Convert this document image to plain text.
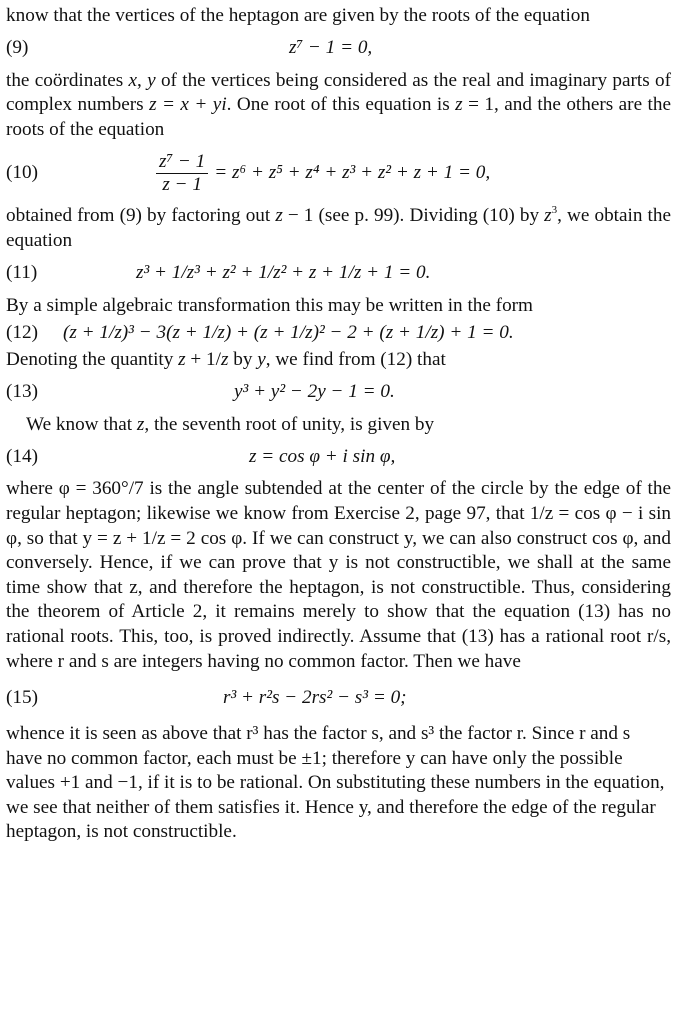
know that the vertices of the heptagon are given by the roots of the equation

(9)	z⁷ − 1 = 0,

the coördinates x, y of the vertices being considered as the real and imaginary parts of complex numbers z = x + yi. One root of this equation is z = 1, and the others are the roots of the equation

(10)	$\frac{\text{z⁷ − 1}}{z - 1} = z^6 + z^5 + z^4 + z^3 + z^2 + z + 1 = 0$,

obtained from (9) by factoring out z − 1 (see p. 99). Dividing (10) by $z^3$, we obtain the equation

(11)	z³ + 1/z³ + z² + 1/z² + z + 1/z + 1 = 0.

By a simple algebraic transformation this may be written in the form

(12) (z + 1/z)³ − 3(z + 1/z) + (z + 1/z)² − 2 + (z + 1/z) + 1 = 0.

Denoting the quantity z + 1/z by y, we find from (12) that

(13)	y³ + y² − 2y − 1 = 0.

We know that z, the seventh root of unity, is given by

(14)	z = cos φ + i sin φ,

where φ = 360°/7 is the angle subtended at the center of the circle by the edge of the regular heptagon; likewise we know from Exercise 2, page 97, that 1/z = cos φ − i sin φ, so that y = z + 1/z = 2 cos φ. If we can construct y, we can also construct cos φ, and conversely. Hence, if we can prove that y is not constructible, we shall at the same time show that z, and therefore the heptagon, is not constructible. Thus, considering the theorem of Article 2, it remains merely to show that the equation (13) has no rational roots. This, too, is proved indirectly. Assume that (13) has a rational root r/s, where r and s are integers having no common factor. Then we have

(15)	r³ + r²s − 2rs² − s³ = 0;

whence it is seen as above that r³ has the factor s, and s³ the factor r. Since r and s have no common factor, each must be ±1; therefore y can have only the possible values +1 and −1, if it is to be rational. On substituting these numbers in the equation, we see that neither of them satisfies it. Hence y, and therefore the edge of the regular heptagon, is not constructible.
